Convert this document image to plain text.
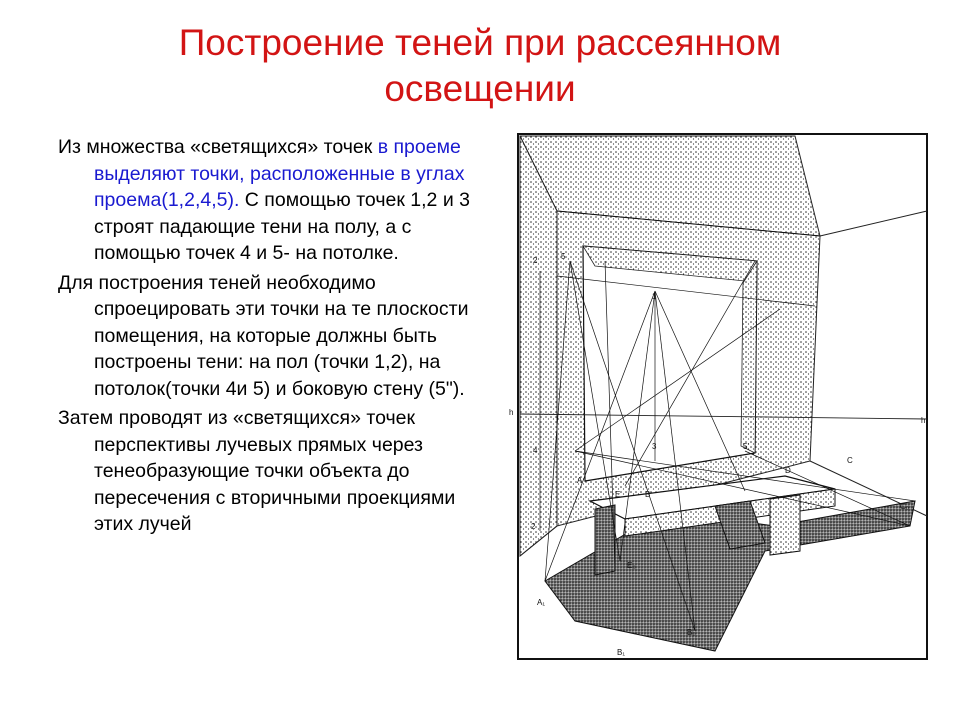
Построение теней при рассеянном
освещении

Из множества «светящихся» точек в проеме выделяют точки, расположенные в углах проема(1,2,4,5). С помощью точек 1,2 и 3 строят падающие тени на полу, а с помощью точек 4 и 5- на потолке.

Для построения теней необходимо спроецировать эти точки на те плоскости помещения, на которые должны быть построены тени: на пол (точки 1,2), на потолок(точки 4и 5) и боковую стену (5").

Затем проводят из «светящихся» точек перспективы лучевых прямых через тенеобразующие точки объекта до пересечения с вторичными проекциями этих лучей

2	5
1
3	5'
4
2
h
h
A
B
C
D
E
A₁
E₀
B₀
B₁
C₀
